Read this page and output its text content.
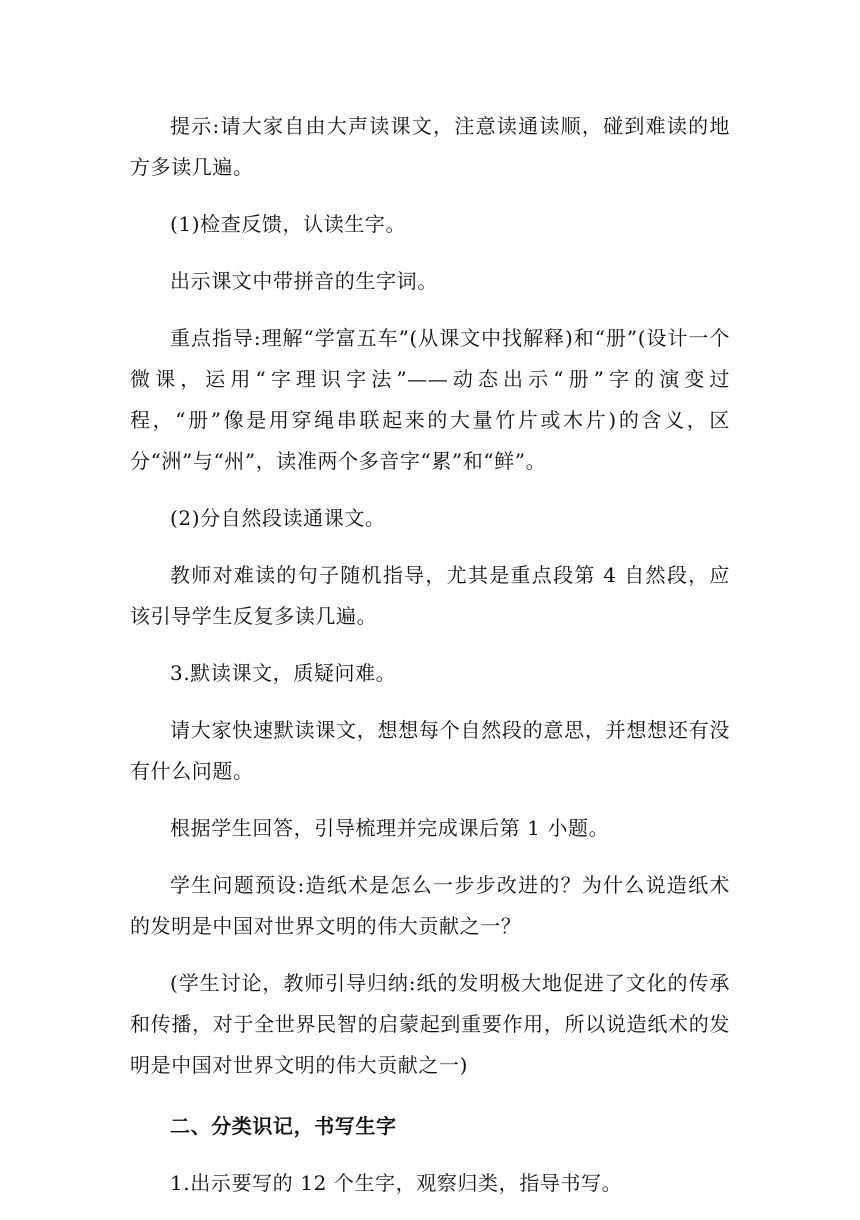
提示:请大家自由大声读课文，注意读通读顺，碰到难读的地方多读几遍。

(1)检查反馈，认读生字。

出示课文中带拼音的生字词。

重点指导:理解“学富五车”(从课文中找解释)和“册”(设计一个微课，运用“字理识字法”——动态出示“册”字的演变过程，“册”像是用穿绳串联起来的大量竹片或木片)的含义，区分“洲”与“州”，读准两个多音字“累”和“鲜”。

(2)分自然段读通课文。

教师对难读的句子随机指导，尤其是重点段第 4 自然段，应该引导学生反复多读几遍。

3.默读课文，质疑问难。

请大家快速默读课文，想想每个自然段的意思，并想想还有没有什么问题。

根据学生回答，引导梳理并完成课后第 1 小题。

学生问题预设:造纸术是怎么一步步改进的？为什么说造纸术的发明是中国对世界文明的伟大贡献之一？

(学生讨论，教师引导归纳:纸的发明极大地促进了文化的传承和传播，对于全世界民智的启蒙起到重要作用，所以说造纸术的发明是中国对世界文明的伟大贡献之一)

二、分类识记，书写生字

1.出示要写的 12 个生字，观察归类，指导书写。
